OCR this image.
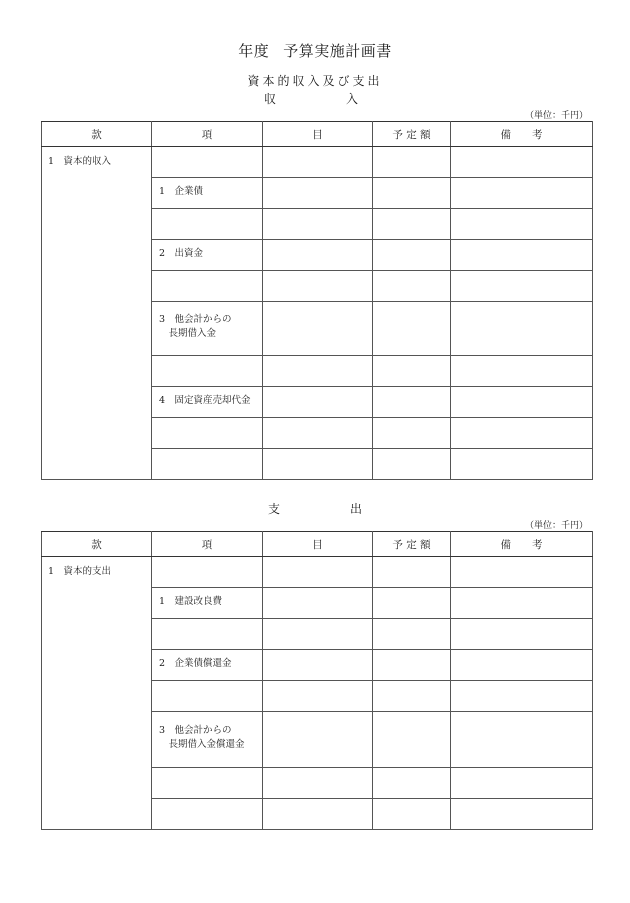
年度 予算実施計画書
資本的収入及び支出
収	入
（単位：千円）
款	項	目	予 定 額	備　　考

1　資本的収入				

	1　企業債			

	2　出資金			

	3　他会計からの
　長期借入金			

	4　固定資産売却代金			

支	出
（単位：千円）
款	項	目	予 定 額	備　　考

1　資本的支出				

	1　建設改良費			

	2　企業債償還金			

	3　他会計からの
　長期借入金償還金			
